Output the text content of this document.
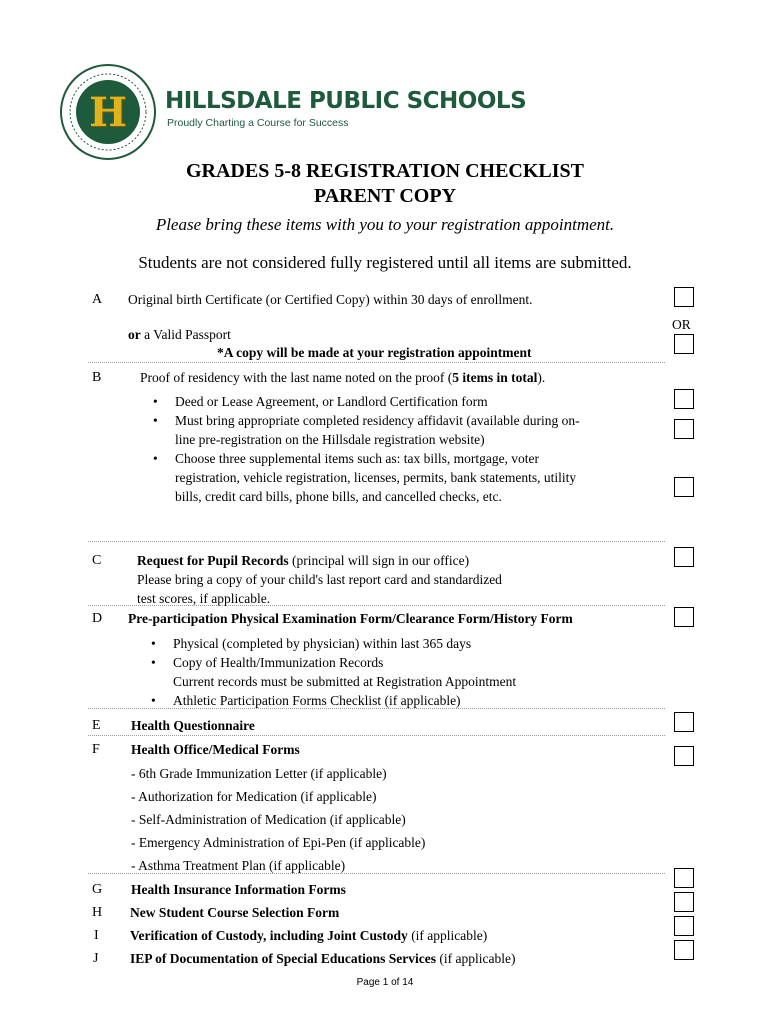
H HILLSDALE PUBLIC SCHOOLS
Proudly Charting a Course for Success
GRADES 5-8 REGISTRATION CHECKLIST
PARENT COPY
Please bring these items with you to your registration appointment.
Students are not considered fully registered until all items are submitted.
A Original birth Certificate (or Certified Copy) within 30 days of enrollment.
OR
or a Valid Passport
*A copy will be made at your registration appointment
B	Proof of residency with the last name noted on the proof (5 items in total).
• Deed or Lease Agreement, or Landlord Certification form
• Must bring appropriate completed residency affidavit (available during on-
line pre-registration on the Hillsdale registration website)
• Choose three supplemental items such as: tax bills, mortgage, voter
registration, vehicle registration, licenses, permits, bank statements, utility
bills, credit card bills, phone bills, and cancelled checks, etc.
C	Request for Pupil Records (principal will sign in our office)
Please bring a copy of your child's last report card and standardized
test scores, if applicable.
D Pre-participation Physical Examination Form/Clearance Form/History Form
• Physical (completed by physician) within last 365 days
• Copy of Health/Immunization Records
Current records must be submitted at Registration Appointment
• Athletic Participation Forms Checklist (if applicable)
E Health Questionnaire
F Health Office/Medical Forms
- 6th Grade Immunization Letter (if applicable)
- Authorization for Medication (if applicable)
- Self-Administration of Medication (if applicable)
- Emergency Administration of Epi-Pen (if applicable)
- Asthma Treatment Plan (if applicable)
G Health Insurance Information Forms
H New Student Course Selection Form
I Verification of Custody, including Joint Custody (if applicable)
J IEP of Documentation of Special Educations Services (if applicable)
Page 1 of 14
